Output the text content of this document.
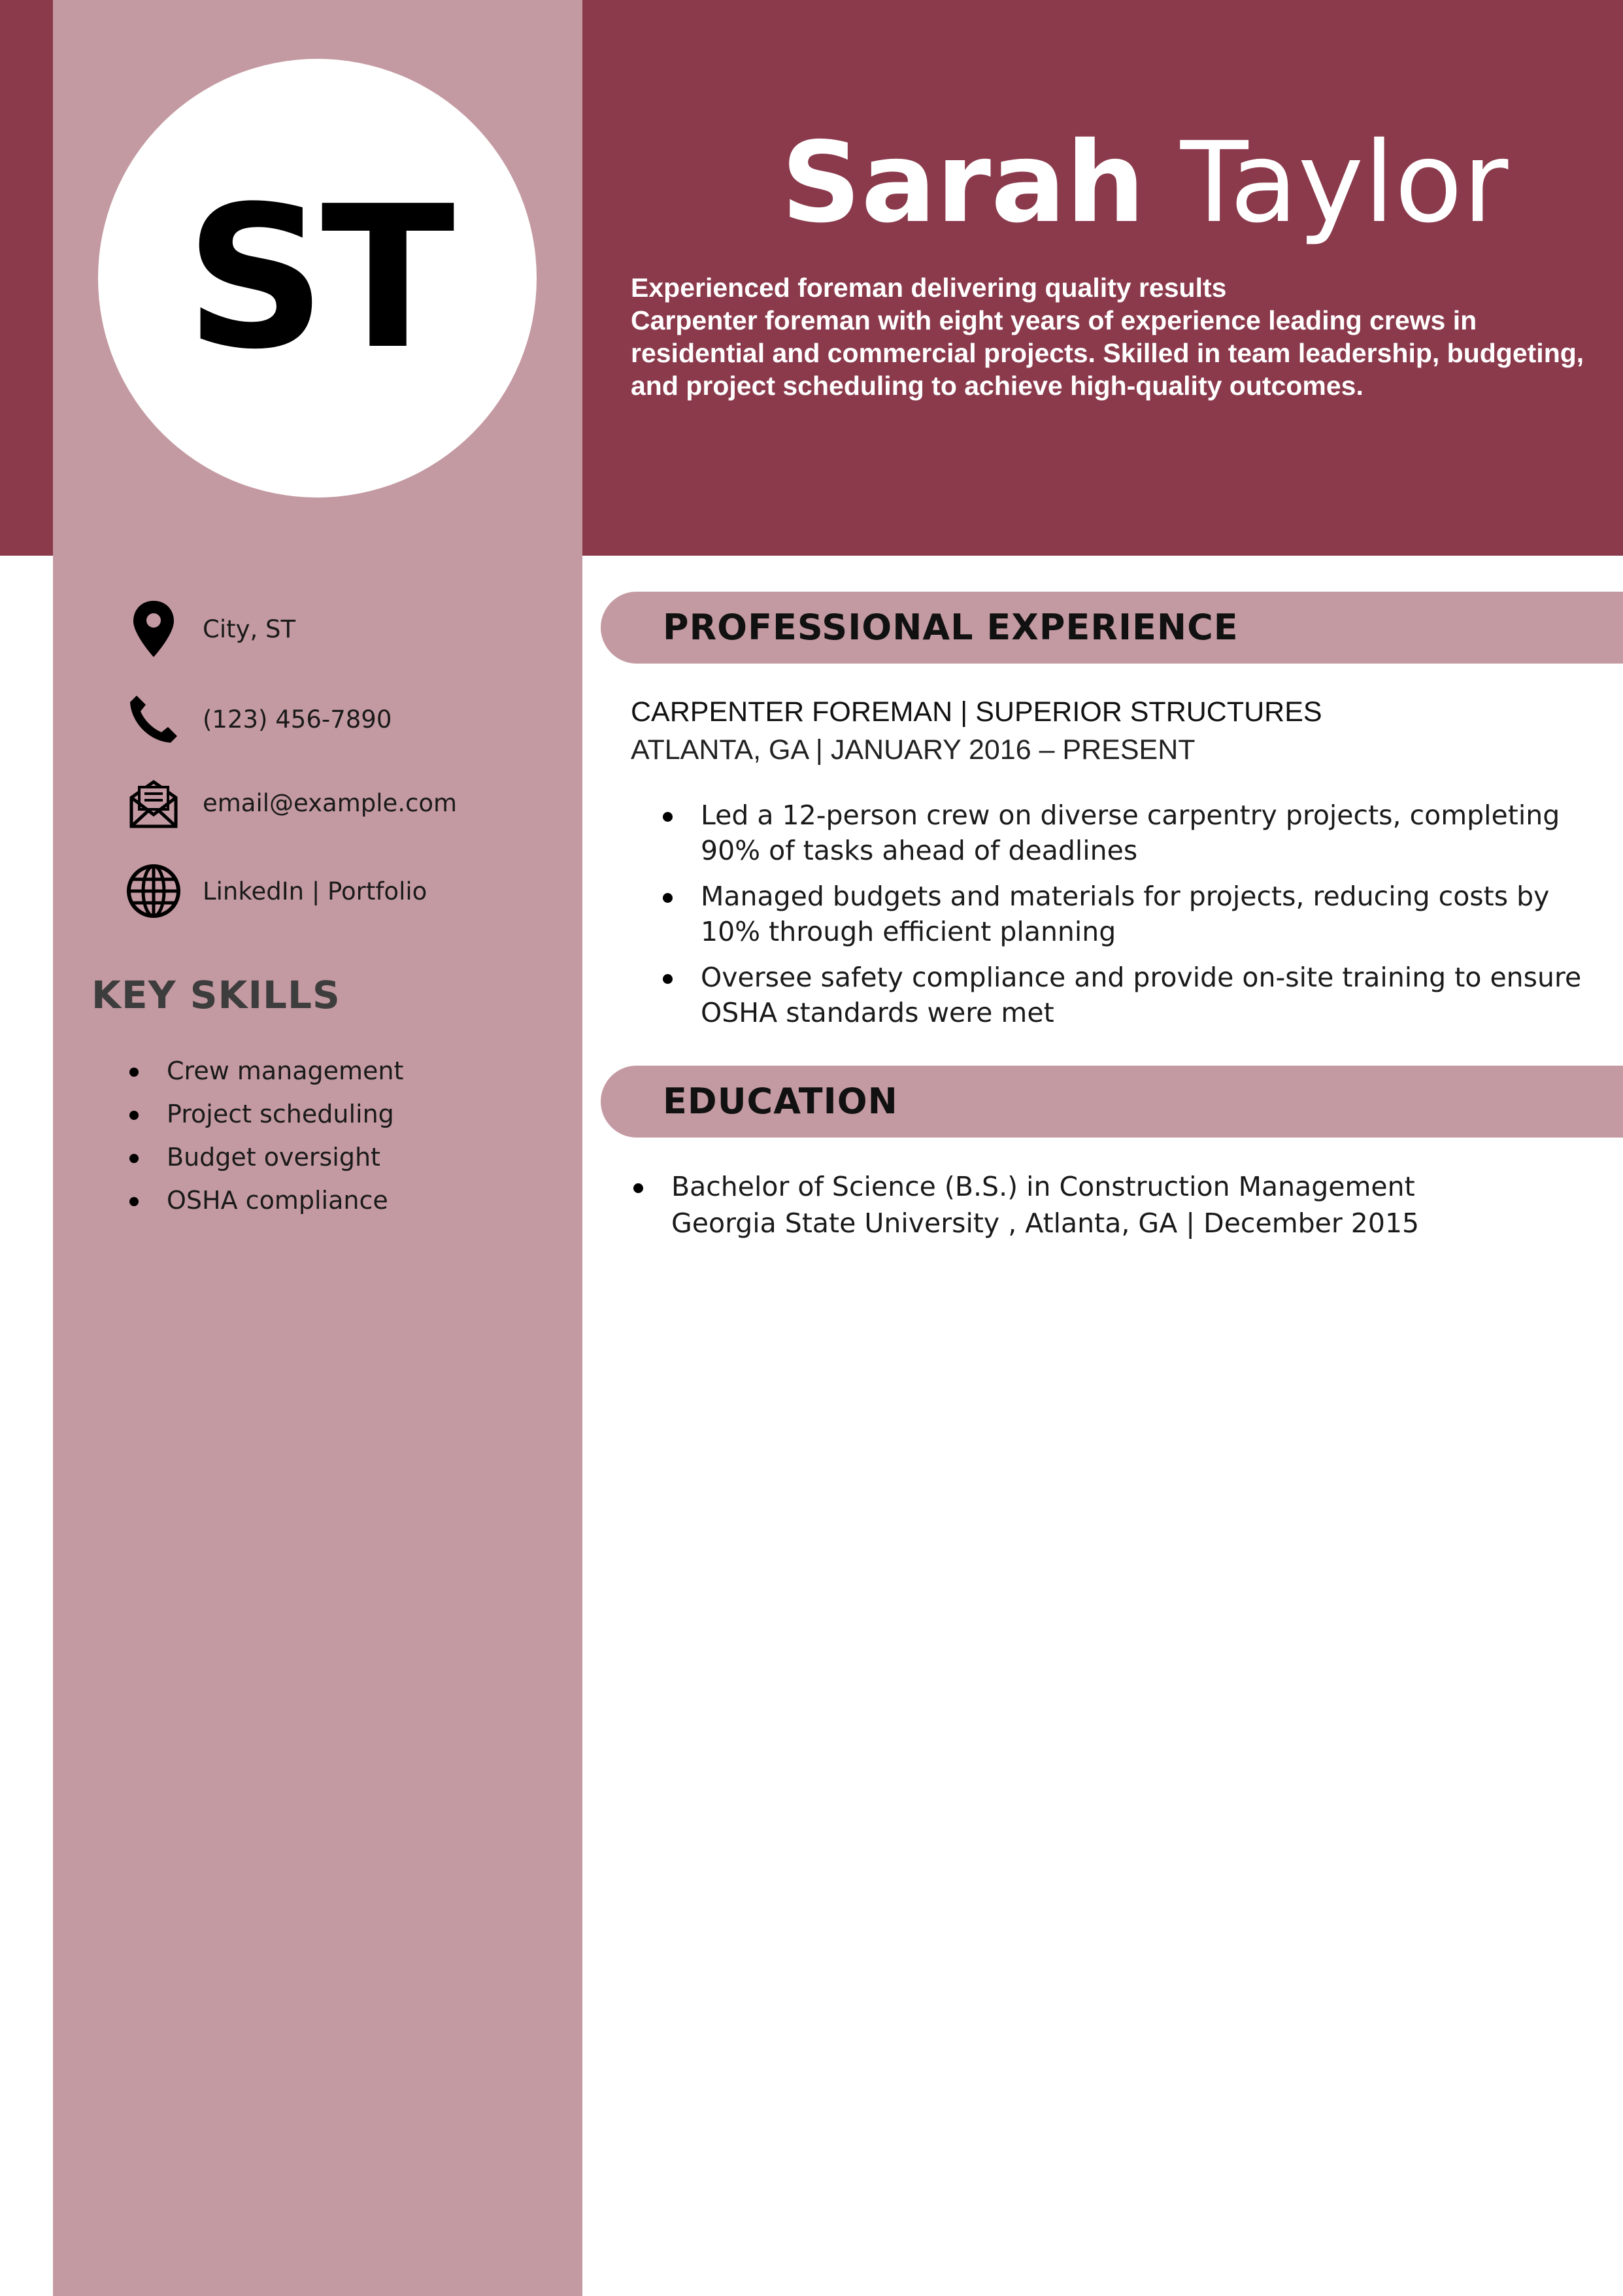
ST	Sarah Taylor
Experienced foreman delivering quality results
Carpenter foreman with eight years of experience leading crews in residential and commercial projects. Skilled in team leadership, budgeting, and project scheduling to achieve high-quality outcomes.
City, ST
(123) 456-7890
email@example.com
LinkedIn | Portfolio
KEY SKILLS
Crew management
Project scheduling
Budget oversight
OSHA compliance
PROFESSIONAL EXPERIENCE
CARPENTER FOREMAN | SUPERIOR STRUCTURES
ATLANTA, GA | JANUARY 2016 – PRESENT
Led a 12-person crew on diverse carpentry projects, completing 90% of tasks ahead of deadlines
Managed budgets and materials for projects, reducing costs by 10% through efficient planning
Oversee safety compliance and provide on-site training to ensure OSHA standards were met
EDUCATION
Bachelor of Science (B.S.) in Construction Management
Georgia State University , Atlanta, GA | December 2015
